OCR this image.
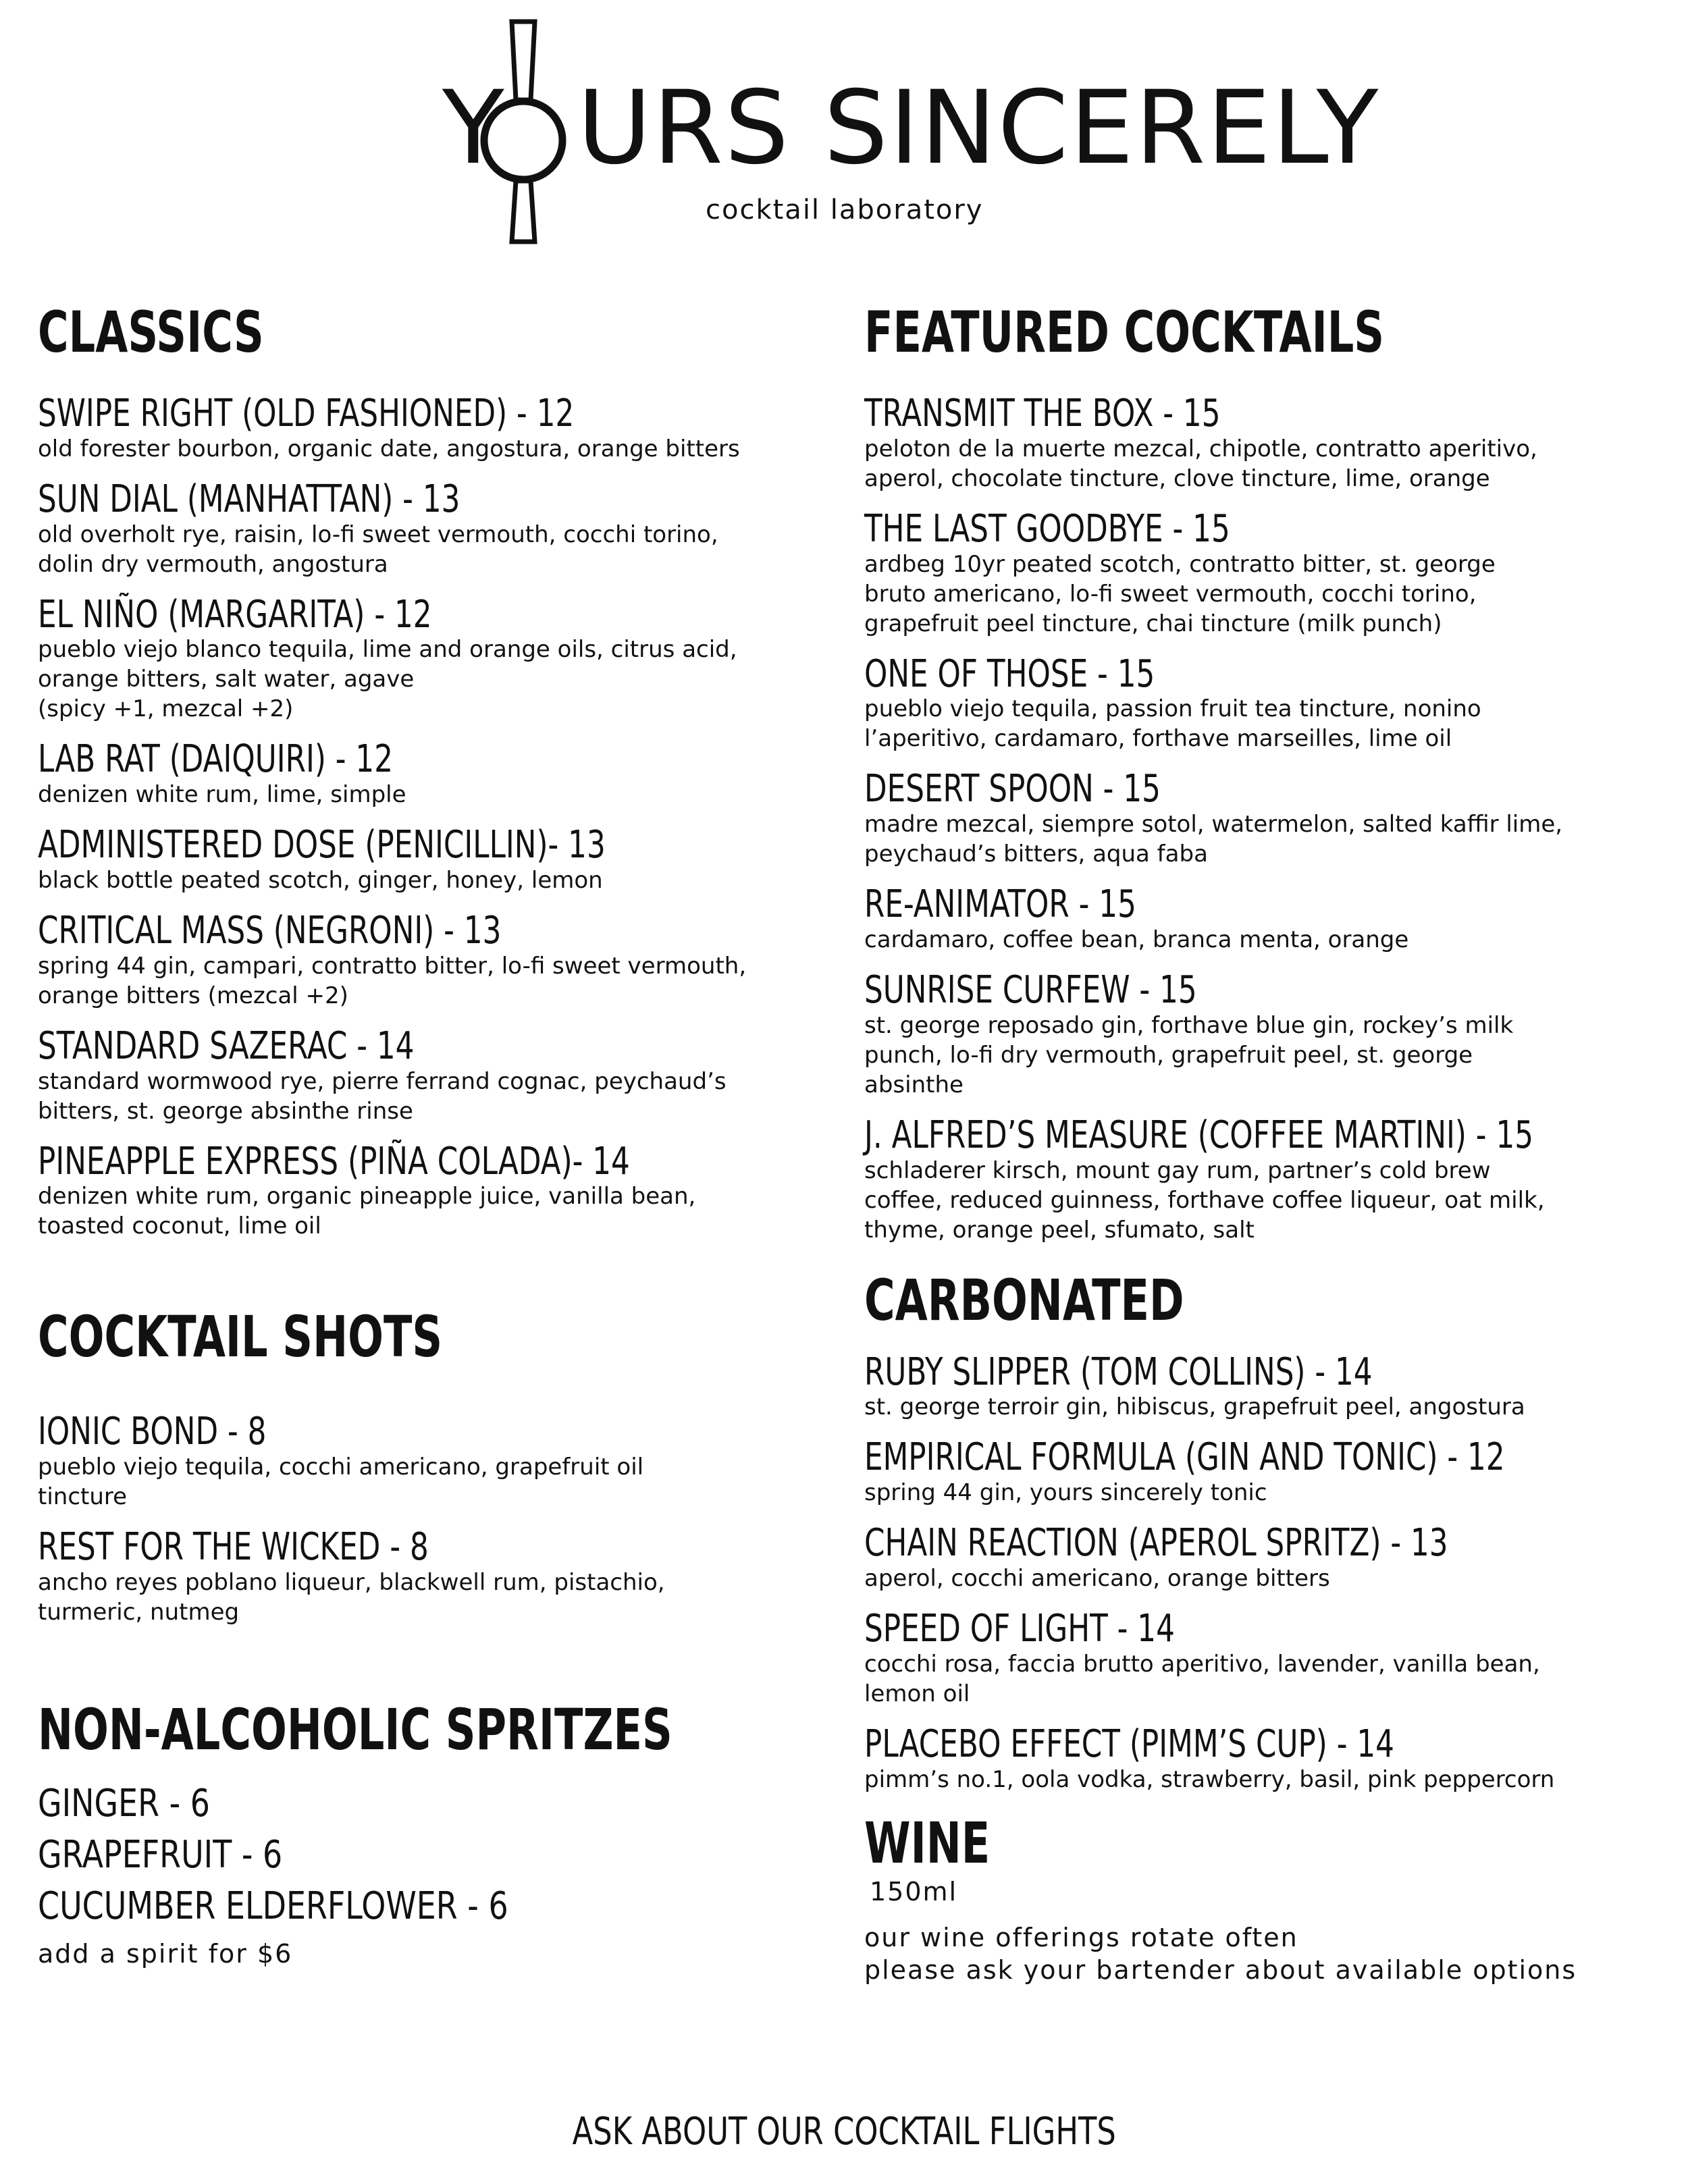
Y URS SINCERELY
cocktail laboratory
CLASSICS
SWIPE RIGHT (OLD FASHIONED) - 12
old forester bourbon, organic date, angostura, orange bitters
SUN DIAL (MANHATTAN) - 13
old overholt rye, raisin, lo-fi sweet vermouth, cocchi torino,
dolin dry vermouth, angostura
EL NIÑO (MARGARITA) - 12
pueblo viejo blanco tequila, lime and orange oils, citrus acid,
orange bitters, salt water, agave
(spicy +1, mezcal +2)
LAB RAT (DAIQUIRI) - 12
denizen white rum, lime, simple
ADMINISTERED DOSE (PENICILLIN)- 13
black bottle peated scotch, ginger, honey, lemon
CRITICAL MASS (NEGRONI) - 13
spring 44 gin, campari, contratto bitter, lo-fi sweet vermouth,
orange bitters (mezcal +2)
STANDARD SAZERAC - 14
standard wormwood rye, pierre ferrand cognac, peychaud’s
bitters, st. george absinthe rinse
PINEAPPLE EXPRESS (PIÑA COLADA)- 14
denizen white rum, organic pineapple juice, vanilla bean,
toasted coconut, lime oil
COCKTAIL SHOTS
IONIC BOND - 8
pueblo viejo tequila, cocchi americano, grapefruit oil
tincture
REST FOR THE WICKED - 8
ancho reyes poblano liqueur, blackwell rum, pistachio,
turmeric, nutmeg
NON-ALCOHOLIC SPRITZES
GINGER - 6
GRAPEFRUIT - 6
CUCUMBER ELDERFLOWER - 6
add a spirit for $6
FEATURED COCKTAILS
TRANSMIT THE BOX - 15
peloton de la muerte mezcal, chipotle, contratto aperitivo,
aperol, chocolate tincture, clove tincture, lime, orange
THE LAST GOODBYE - 15
ardbeg 10yr peated scotch, contratto bitter, st. george
bruto americano, lo-fi sweet vermouth, cocchi torino,
grapefruit peel tincture, chai tincture (milk punch)
ONE OF THOSE - 15
pueblo viejo tequila, passion fruit tea tincture, nonino
l’aperitivo, cardamaro, forthave marseilles, lime oil
DESERT SPOON - 15
madre mezcal, siempre sotol, watermelon, salted kaffir lime,
peychaud’s bitters, aqua faba
RE-ANIMATOR - 15
cardamaro, coffee bean, branca menta, orange
SUNRISE CURFEW - 15
st. george reposado gin, forthave blue gin, rockey’s milk
punch, lo-fi dry vermouth, grapefruit peel, st. george
absinthe
J. ALFRED’S MEASURE (COFFEE MARTINI) - 15
schladerer kirsch, mount gay rum, partner’s cold brew
coffee, reduced guinness, forthave coffee liqueur, oat milk,
thyme, orange peel, sfumato, salt
CARBONATED
RUBY SLIPPER (TOM COLLINS) - 14
st. george terroir gin, hibiscus, grapefruit peel, angostura
EMPIRICAL FORMULA (GIN AND TONIC) - 12
spring 44 gin, yours sincerely tonic
CHAIN REACTION (APEROL SPRITZ) - 13
aperol, cocchi americano, orange bitters
SPEED OF LIGHT - 14
cocchi rosa, faccia brutto aperitivo, lavender, vanilla bean,
lemon oil
PLACEBO EFFECT (PIMM’S CUP) - 14
pimm’s no.1, oola vodka, strawberry, basil, pink peppercorn
WINE
150ml
our wine offerings rotate often
please ask your bartender about available options
ASK ABOUT OUR COCKTAIL FLIGHTS
